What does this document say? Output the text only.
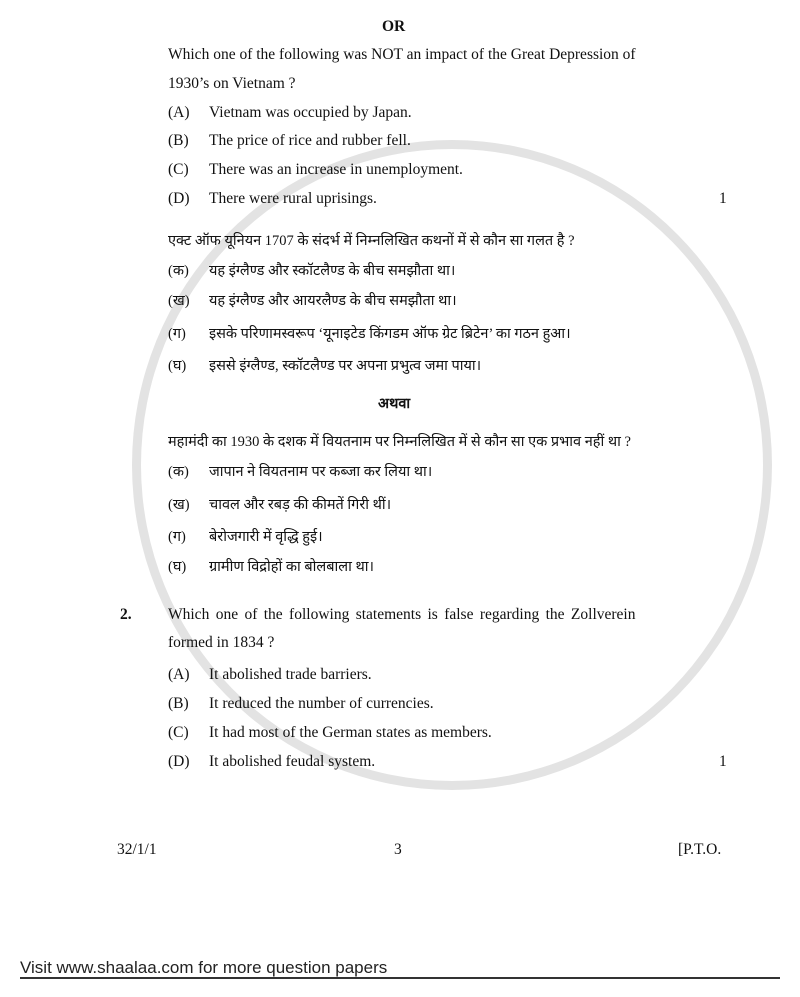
OR
Which one of the following was NOT an impact of the Great Depression of
1930’s on Vietnam ?
(A) Vietnam was occupied by Japan.
(B) The price of rice and rubber fell.
(C) There was an increase in unemployment.
(D) There were rural uprisings.	1
एक्ट ऑफ यूनियन 1707 के संदर्भ में निम्नलिखित कथनों में से कौन सा गलत है ?
(क) यह इंग्लैण्ड और स्कॉटलैण्ड के बीच समझौता था।
(ख) यह इंग्लैण्ड और आयरलैण्ड के बीच समझौता था।
(ग) इसके परिणामस्वरूप ‘यूनाइटेड किंगडम ऑफ ग्रेट ब्रिटेन’ का गठन हुआ।
(घ) इससे इंग्लैण्ड, स्कॉटलैण्ड पर अपना प्रभुत्व जमा पाया।
अथवा
महामंदी का 1930 के दशक में वियतनाम पर निम्नलिखित में से कौन सा एक प्रभाव नहीं था ?
(क) जापान ने वियतनाम पर कब्जा कर लिया था।
(ख) चावल और रबड़ की कीमतें गिरी थीं।
(ग) बेरोजगारी में वृद्धि हुई।
(घ) ग्रामीण विद्रोहों का बोलबाला था।
2. Which one of the following statements is false regarding the Zollverein
formed in 1834 ?
(A) It abolished trade barriers.
(B) It reduced the number of currencies.
(C) It had most of the German states as members.
(D) It abolished feudal system.	1
32/1/1	3	[P.T.O.
Visit www.shaalaa.com for more question papers
